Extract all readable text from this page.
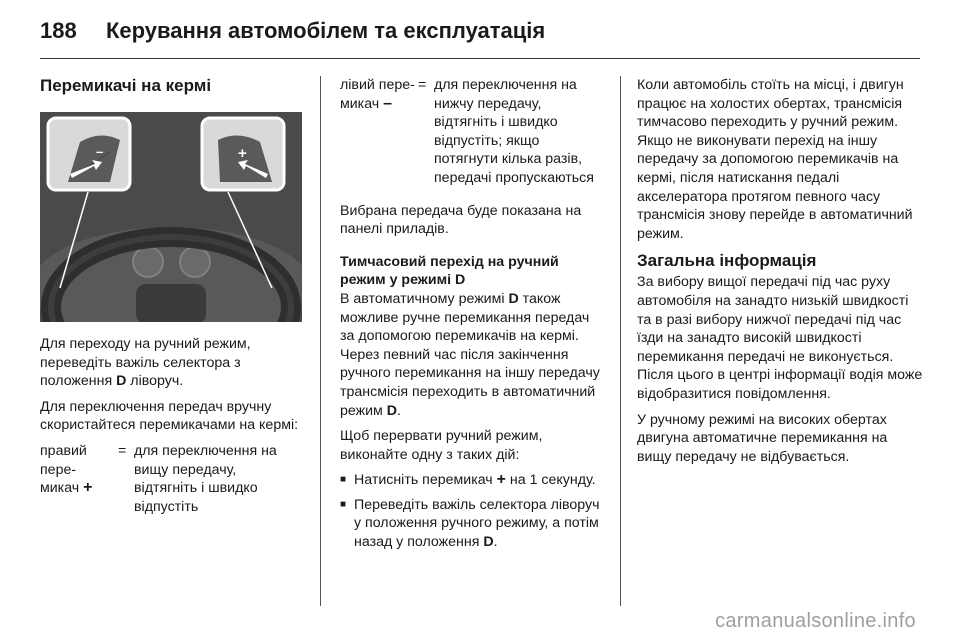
188 Керування автомобілем та експлуатація
Перемикачі на кермі
–	+

Для переходу на ручний режим, переведіть важіль селектора з положення D ліворуч.

Для переключення передач вручну скористайтеся перемикачами на кермі:

правий пере-
микач +
= для переключення на вищу передачу, відтягніть і швидко відпустіть
лівий пере-
микач –
= для переключення на нижчу передачу, відтягніть і швидко відпустіть; якщо потягнути кілька разів, передачі пропускаються

Вибрана передача буде показана на панелі приладів.

Тимчасовий перехід на ручний режим у режимі D

В автоматичному режимі D також можливе ручне перемикання передач за допомогою перемикачів на кермі. Через певний час після закінчення ручного перемикання на іншу передачу трансмісія переходить в автоматичний режим D.

Щоб перервати ручний режим, виконайте одну з таких дій:

■ Натисніть перемикач + на 1 секунду.
■ Переведіть важіль селектора ліворуч у положення ручного режиму, а потім назад у положення D.

Коли автомобіль стоїть на місці, і двигун працює на холостих обертах, трансмісія тимчасово переходить у ручний режим. Якщо не виконувати перехід на іншу передачу за допомогою перемикачів на кермі, після натискання педалі акселератора протягом певного часу трансмісія знову перейде в автоматичний режим.

Загальна інформація

За вибору вищої передачі під час руху автомобіля на занадто низькій швидкості та в разі вибору нижчої передачі під час їзди на занадто високій швидкості перемикання передачі не виконується. Після цього в центрі інформації водія може відобразитися повідомлення.

У ручному режимі на високих обертах двигуна автоматичне перемикання на вищу передачу не відбувається.

carmanualsonline.info
